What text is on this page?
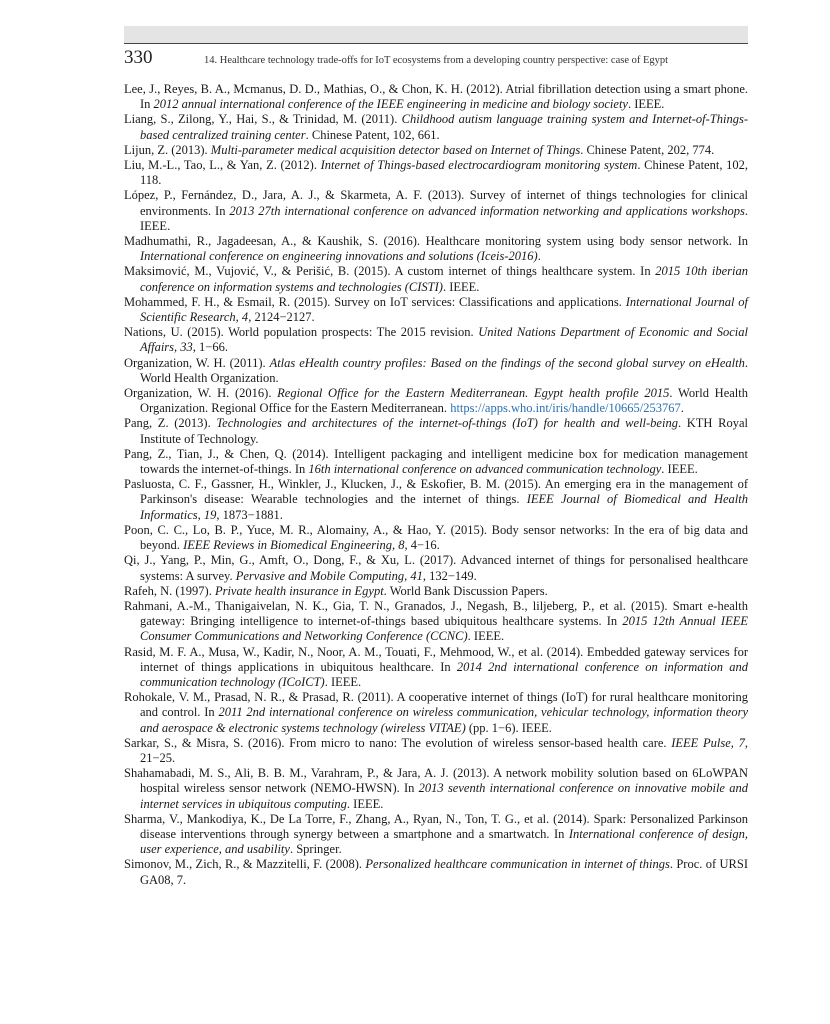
330	14. Healthcare technology trade-offs for IoT ecosystems from a developing country perspective: case of Egypt

Lee, J., Reyes, B. A., Mcmanus, D. D., Mathias, O., & Chon, K. H. (2012). Atrial fibrillation detection using a smart phone. In 2012 annual international conference of the IEEE engineering in medicine and biology society. IEEE.

Liang, S., Zilong, Y., Hai, S., & Trinidad, M. (2011). Childhood autism language training system and Internet-of-Things-based centralized training center. Chinese Patent, 102, 661.

Lijun, Z. (2013). Multi-parameter medical acquisition detector based on Internet of Things. Chinese Patent, 202, 774.

Liu, M.-L., Tao, L., & Yan, Z. (2012). Internet of Things-based electrocardiogram monitoring system. Chinese Patent, 102, 118.

López, P., Fernández, D., Jara, A. J., & Skarmeta, A. F. (2013). Survey of internet of things technologies for clinical environments. In 2013 27th international conference on advanced information networking and applications workshops. IEEE.

Madhumathi, R., Jagadeesan, A., & Kaushik, S. (2016). Healthcare monitoring system using body sensor network. In International conference on engineering innovations and solutions (Iceis-2016).

Maksimović, M., Vujović, V., & Perišić, B. (2015). A custom internet of things healthcare system. In 2015 10th iberian conference on information systems and technologies (CISTI). IEEE.

Mohammed, F. H., & Esmail, R. (2015). Survey on IoT services: Classifications and applications. International Journal of Scientific Research, 4, 2124−2127.

Nations, U. (2015). World population prospects: The 2015 revision. United Nations Department of Economic and Social Affairs, 33, 1−66.

Organization, W. H. (2011). Atlas eHealth country profiles: Based on the findings of the second global survey on eHealth. World Health Organization.

Organization, W. H. (2016). Regional Office for the Eastern Mediterranean. Egypt health profile 2015. World Health Organization. Regional Office for the Eastern Mediterranean. https://apps.who.int/iris/handle/10665/253767.

Pang, Z. (2013). Technologies and architectures of the internet-of-things (IoT) for health and well-being. KTH Royal Institute of Technology.

Pang, Z., Tian, J., & Chen, Q. (2014). Intelligent packaging and intelligent medicine box for medication management towards the internet-of-things. In 16th international conference on advanced communication technology. IEEE.

Pasluosta, C. F., Gassner, H., Winkler, J., Klucken, J., & Eskofier, B. M. (2015). An emerging era in the management of Parkinson's disease: Wearable technologies and the internet of things. IEEE Journal of Biomedical and Health Informatics, 19, 1873−1881.

Poon, C. C., Lo, B. P., Yuce, M. R., Alomainy, A., & Hao, Y. (2015). Body sensor networks: In the era of big data and beyond. IEEE Reviews in Biomedical Engineering, 8, 4−16.

Qi, J., Yang, P., Min, G., Amft, O., Dong, F., & Xu, L. (2017). Advanced internet of things for personalised healthcare systems: A survey. Pervasive and Mobile Computing, 41, 132−149.

Rafeh, N. (1997). Private health insurance in Egypt. World Bank Discussion Papers.

Rahmani, A.-M., Thanigaivelan, N. K., Gia, T. N., Granados, J., Negash, B., liljeberg, P., et al. (2015). Smart e-health gateway: Bringing intelligence to internet-of-things based ubiquitous healthcare systems. In 2015 12th Annual IEEE Consumer Communications and Networking Conference (CCNC). IEEE.

Rasid, M. F. A., Musa, W., Kadir, N., Noor, A. M., Touati, F., Mehmood, W., et al. (2014). Embedded gateway services for internet of things applications in ubiquitous healthcare. In 2014 2nd international conference on information and communication technology (ICoICT). IEEE.

Rohokale, V. M., Prasad, N. R., & Prasad, R. (2011). A cooperative internet of things (IoT) for rural healthcare monitoring and control. In 2011 2nd international conference on wireless communication, vehicular technology, information theory and aerospace & electronic systems technology (wireless VITAE) (pp. 1−6). IEEE.

Sarkar, S., & Misra, S. (2016). From micro to nano: The evolution of wireless sensor-based health care. IEEE Pulse, 7, 21−25.

Shahamabadi, M. S., Ali, B. B. M., Varahram, P., & Jara, A. J. (2013). A network mobility solution based on 6LoWPAN hospital wireless sensor network (NEMO-HWSN). In 2013 seventh international conference on innovative mobile and internet services in ubiquitous computing. IEEE.

Sharma, V., Mankodiya, K., De La Torre, F., Zhang, A., Ryan, N., Ton, T. G., et al. (2014). Spark: Personalized Parkinson disease interventions through synergy between a smartphone and a smartwatch. In International conference of design, user experience, and usability. Springer.

Simonov, M., Zich, R., & Mazzitelli, F. (2008). Personalized healthcare communication in internet of things. Proc. of URSI GA08, 7.
